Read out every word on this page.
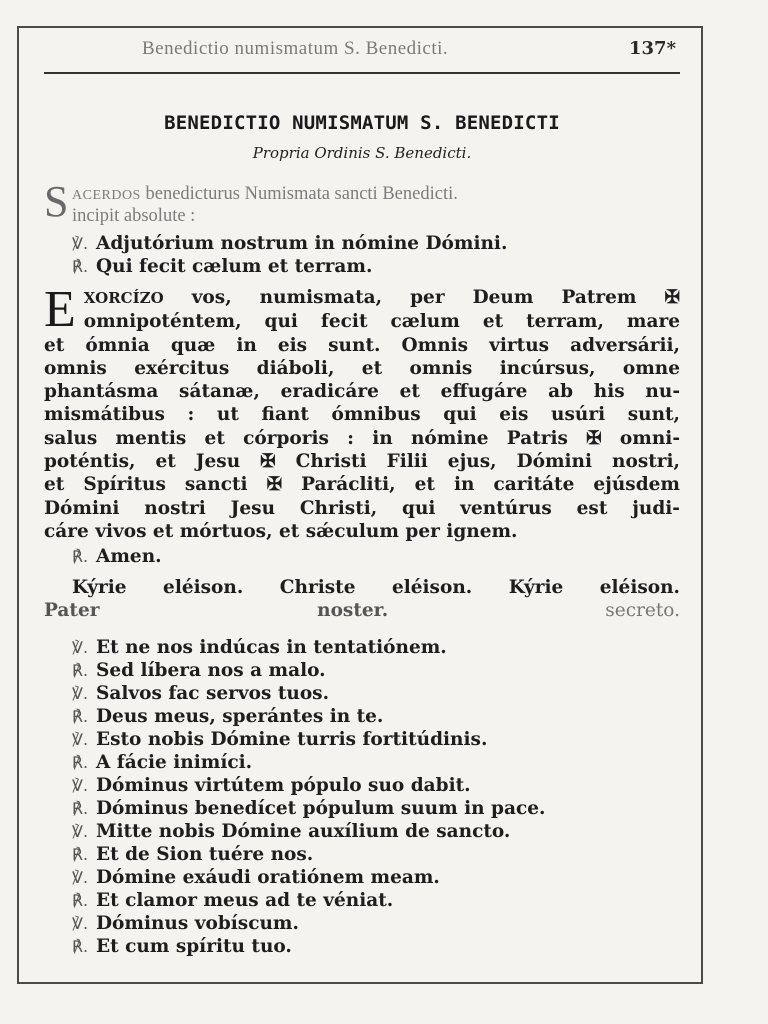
Benedictio numismatum S. Benedicti.	137*
BENEDICTIO NUMISMATUM S. BENEDICTI

Propria Ordinis S. Benedicti.

S ACERDOS benedicturus Numismata sancti Benedicti.
incipit absolute :
℣. Adjutórium nostrum in nómine Dómini.
℟. Qui fecit cælum et terram.
E XORCÍZO vos, numismata, per Deum Patrem ✠
omnipoténtem, qui fecit cælum et terram, mare
et ómnia quæ in eis sunt. Omnis virtus adversárii,
omnis exércitus diáboli, et omnis incúrsus, omne
phantásma sátanæ, eradicáre et effugáre ab his nu-
mismátibus : ut fiant ómnibus qui eis usúri sunt,
salus mentis et córporis : in nómine Patris ✠ omni-
poténtis, et Jesu ✠ Christi Filii ejus, Dómini nostri,
et Spíritus sancti ✠ Parácliti, et in caritáte ejúsdem
Dómini nostri Jesu Christi, qui ventúrus est judi-
cáre vivos et mórtuos, et sǽculum per ignem.
℟. Amen.
Kýrie eléison. Christe eléison. Kýrie eléison.
Pater noster. secreto.
℣. Et ne nos indúcas in tentatiónem.
℟. Sed líbera nos a malo.
℣. Salvos fac servos tuos.
℟. Deus meus, sperántes in te.
℣. Esto nobis Dómine turris fortitúdinis.
℟. A fácie inimíci.
℣. Dóminus virtútem pópulo suo dabit.
℟. Dóminus benedícet pópulum suum in pace.
℣. Mitte nobis Dómine auxílium de sancto.
℟. Et de Sion tuére nos.
℣. Dómine exáudi oratiónem meam.
℟. Et clamor meus ad te véniat.
℣. Dóminus vobíscum.
℟. Et cum spíritu tuo.
